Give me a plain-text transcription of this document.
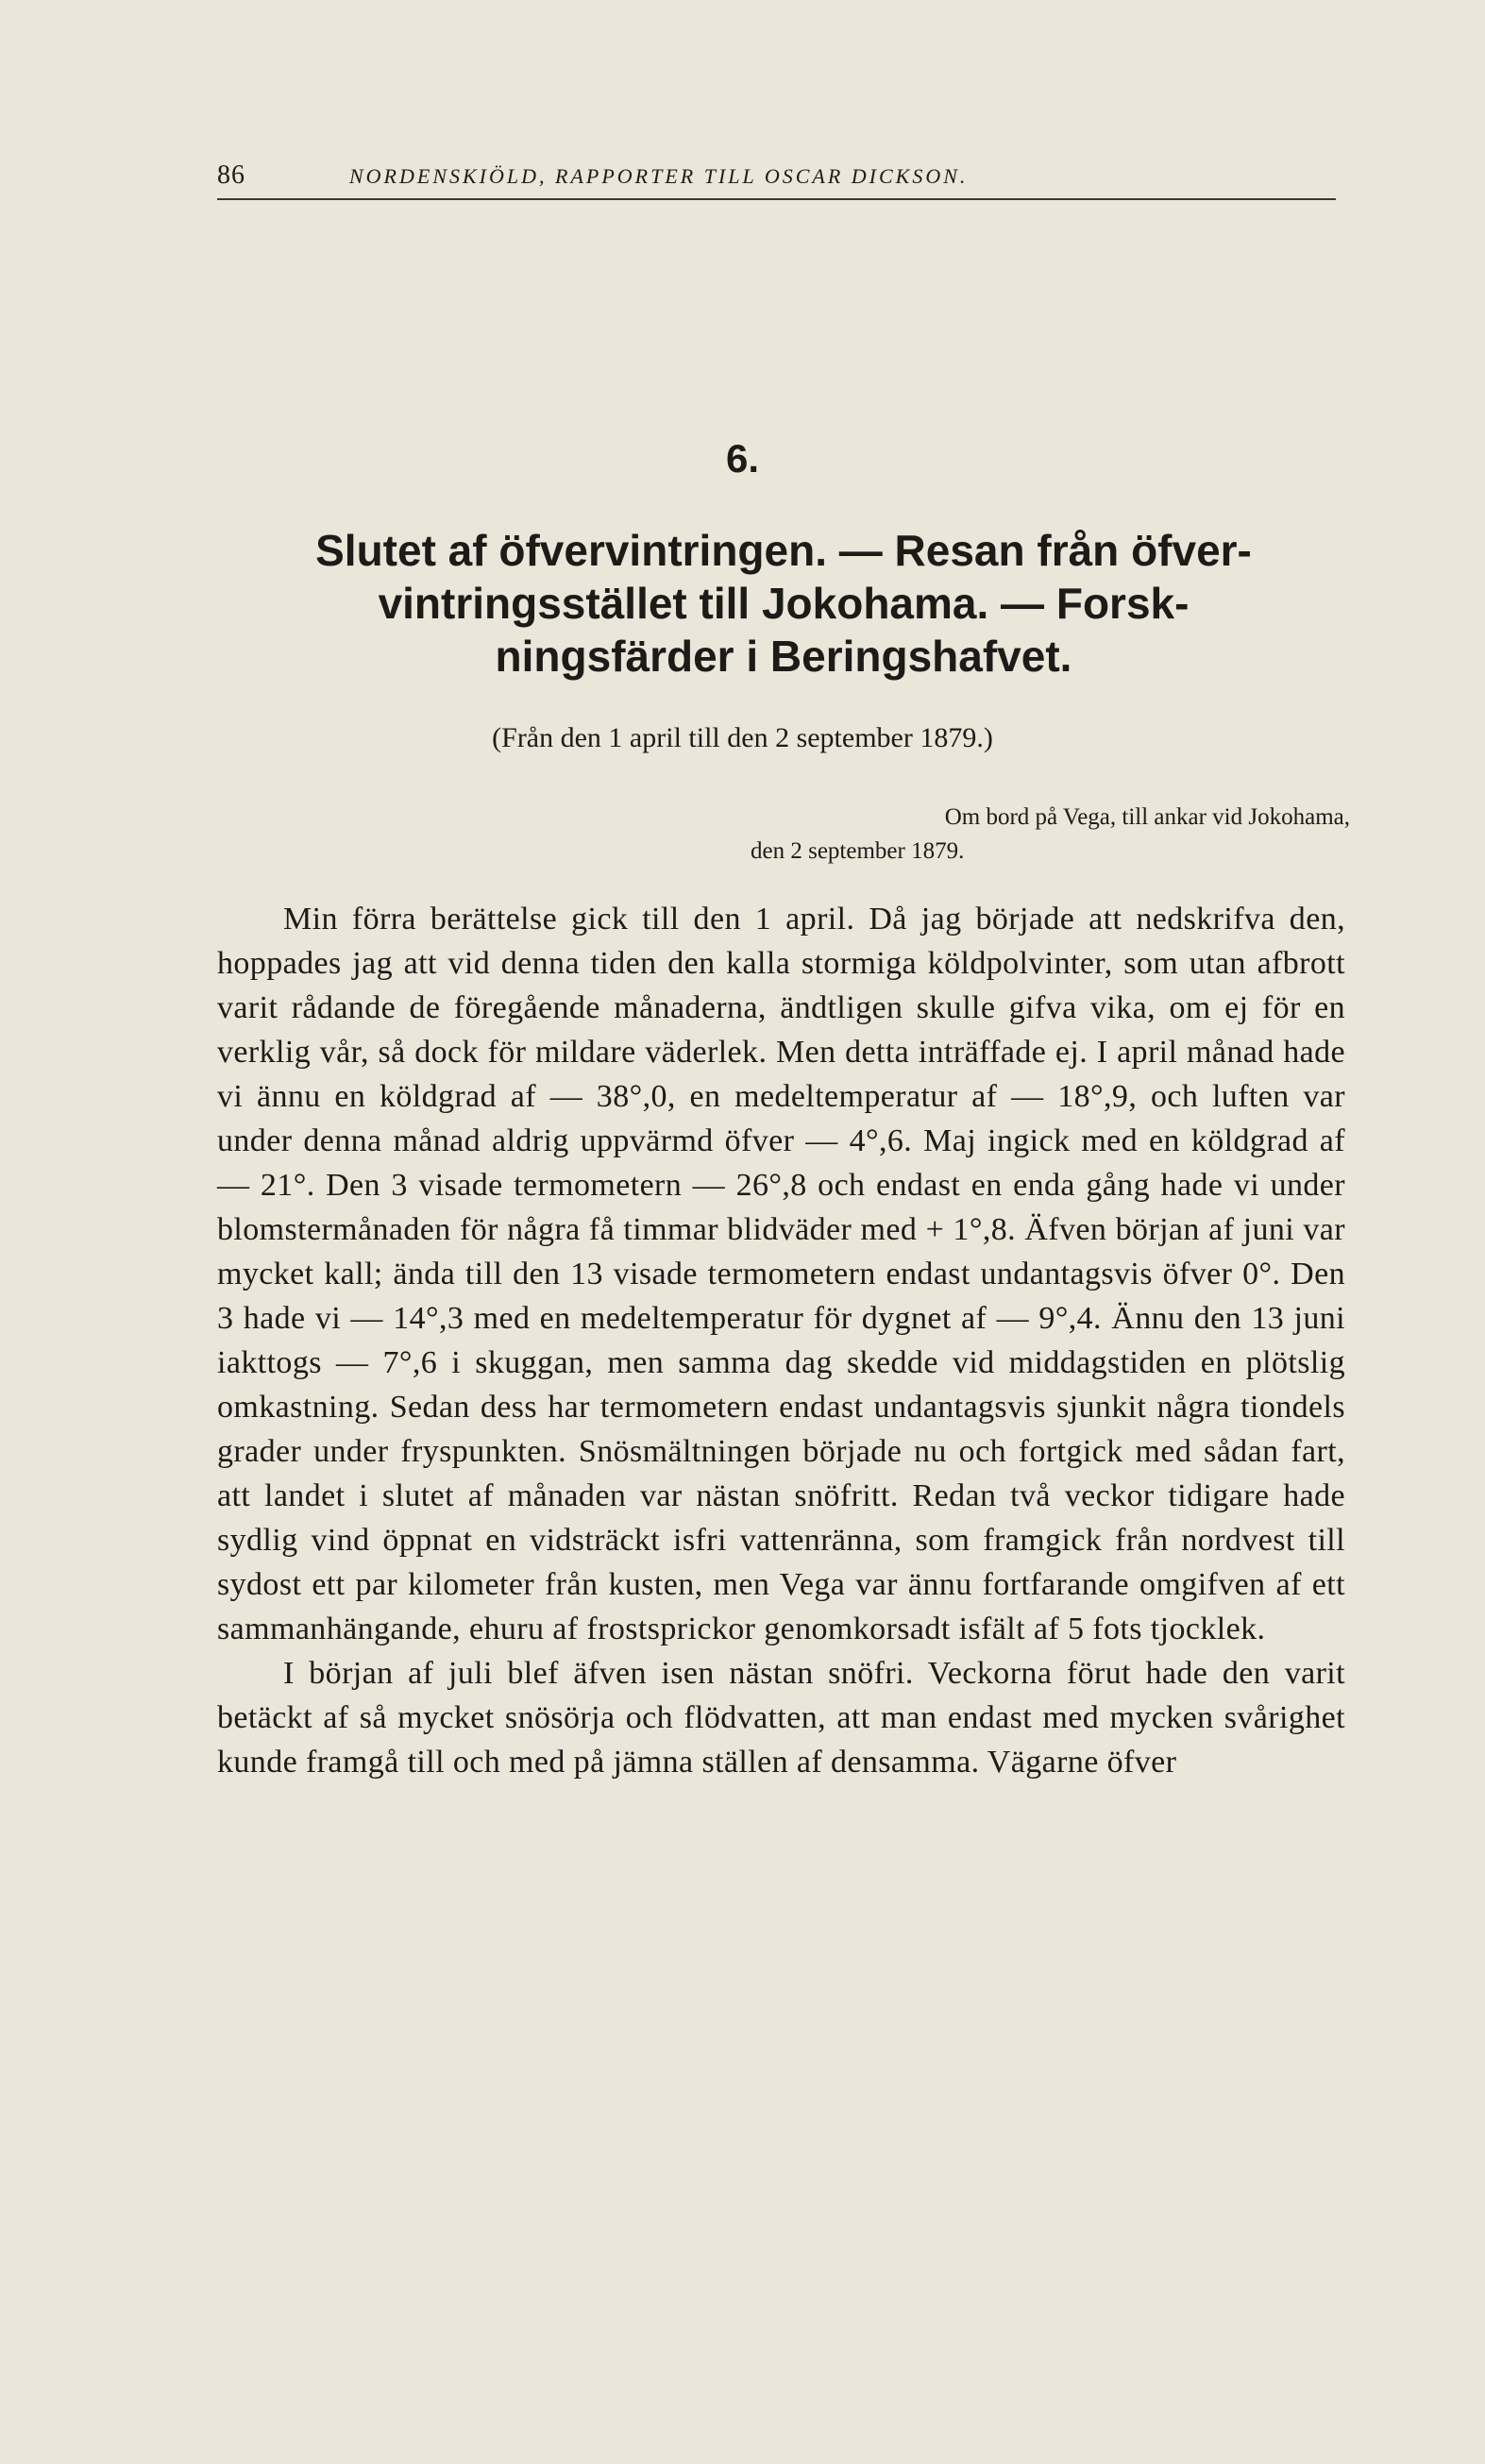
86	NORDENSKIÖLD, RAPPORTER TILL OSCAR DICKSON.
6.
Slutet af öfvervintringen. — Resan från öfver-
vintringsstället till Jokohama. — Forsk-
ningsfärder i Beringshafvet.
(Från den 1 april till den 2 september 1879.)
Om bord på Vega, till ankar vid Jokohama,
den 2 september 1879.

Min förra berättelse gick till den 1 april. Då jag började att nedskrifva den, hoppades jag att vid denna tiden den kalla stormiga köldpolvinter, som utan afbrott varit rådande de föregående månaderna, ändtligen skulle gifva vika, om ej för en verklig vår, så dock för mildare väderlek. Men detta inträffade ej. I april månad hade vi ännu en köldgrad af — 38°,0, en medeltemperatur af — 18°,9, och luften var under denna månad aldrig uppvärmd öfver — 4°,6. Maj ingick med en köldgrad af — 21°. Den 3 visade termometern — 26°,8 och endast en enda gång hade vi under blomstermånaden för några få timmar blidväder med + 1°,8. Äfven början af juni var mycket kall; ända till den 13 visade termometern endast undantagsvis öfver 0°. Den 3 hade vi — 14°,3 med en medeltemperatur för dygnet af — 9°,4. Ännu den 13 juni iakttogs — 7°,6 i skuggan, men samma dag skedde vid middagstiden en plötslig omkastning. Sedan dess har termometern endast undantagsvis sjunkit några tiondels grader under fryspunkten. Snösmältningen började nu och fortgick med sådan fart, att landet i slutet af månaden var nästan snöfritt. Redan två veckor tidigare hade sydlig vind öppnat en vidsträckt isfri vattenränna, som framgick från nordvest till sydost ett par kilometer från kusten, men Vega var ännu fortfarande omgifven af ett sammanhängande, ehuru af frostsprickor genomkorsadt isfält af 5 fots tjocklek.

I början af juli blef äfven isen nästan snöfri. Veckorna förut hade den varit betäckt af så mycket snösörja och flödvatten, att man endast med mycken svårighet kunde framgå till och med på jämna ställen af densamma. Vägarne öfver
